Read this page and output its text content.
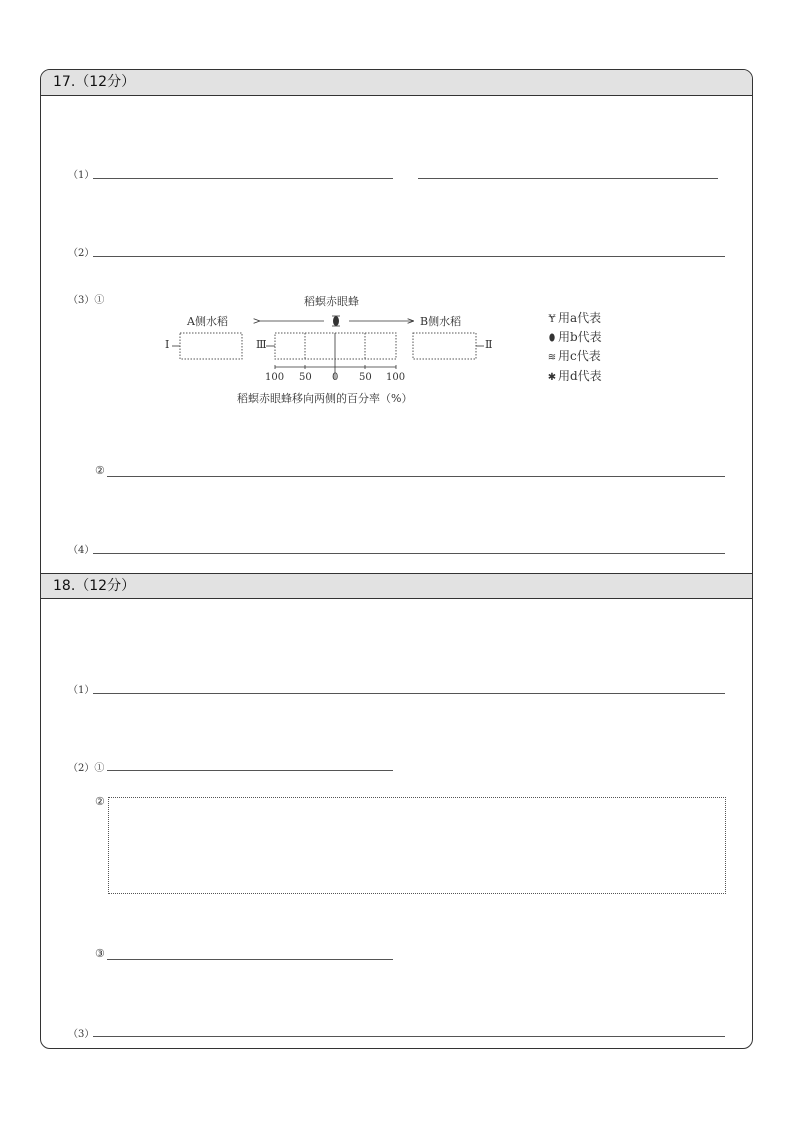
17.（12分）
（1）
（2）
（3）①	稻螟赤眼蜂
A侧水稻	B侧水稻
Ⅰ	Ⅲ	Ⅱ
100 50 0 50 100
稻螟赤眼蜂移向两侧的百分率（%）
Ɏ 用a代表
⬮ 用b代表
≋ 用c代表
✱ 用d代表
②
（4）
18.（12分）
（1）
（2）①
②
③
（3）
